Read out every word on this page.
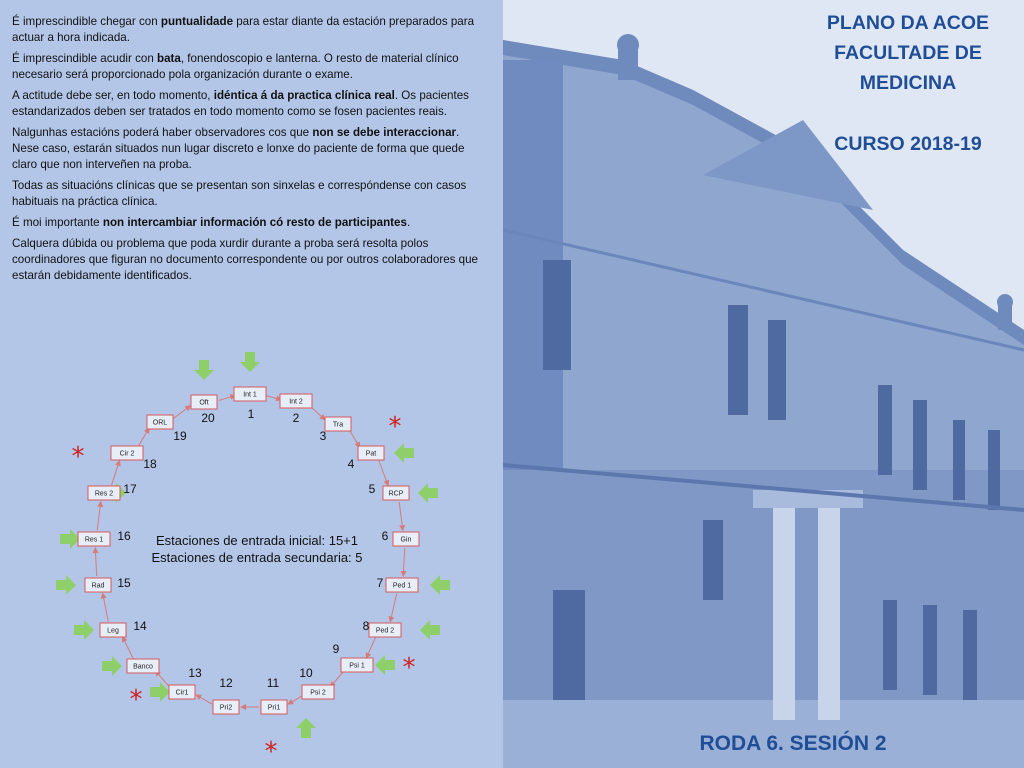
É imprescindible chegar con puntualidade para estar diante da estación preparados para actuar a hora indicada.

É imprescindible acudir con bata, fonendoscopio e lanterna. O resto de material clínico necesario será proporcionado pola organización durante o exame.

A actitude debe ser, en todo momento, idéntica á da practica clínica real. Os pacientes estandarizados deben ser tratados en todo momento como se fosen pacientes reais.

Nalgunhas estacións poderá haber observadores cos que non se debe interaccionar. Nese caso, estarán situados nun lugar discreto e lonxe do paciente de forma que quede claro que non interveñen na proba.

Todas as situacións clínicas que se presentan son sinxelas e correspóndense con casos habituais na práctica clínica.

É moi importante non intercambiar información có resto de participantes.

Calquera dúbida ou problema que poda xurdir durante a proba será resolta polos coordinadores que figuran no documento correspondente ou por outros colaboradores que estarán debidamente identificados.

Int 1
Int 2
Tra
Pat
RCP
Gin
Ped 1
Ped 2
Psi 1
Psi 2
Pri1
Pri2
Cir1
Banco
Leg
Rad
Res 1
Res 2
Cir 2
ORL
Oft
1	2
3
4
5
6
7
8
9
10
11
12
13
14
15
16
17
18
19
20	*
*
*
*
*
Estaciones de entrada inicial: 15+1
Estaciones de entrada secundaria: 5
PLANO DA ACOE
FACULTADE DE
MEDICINA
CURSO 2018-19
RODA 6. SESIÓN 2
